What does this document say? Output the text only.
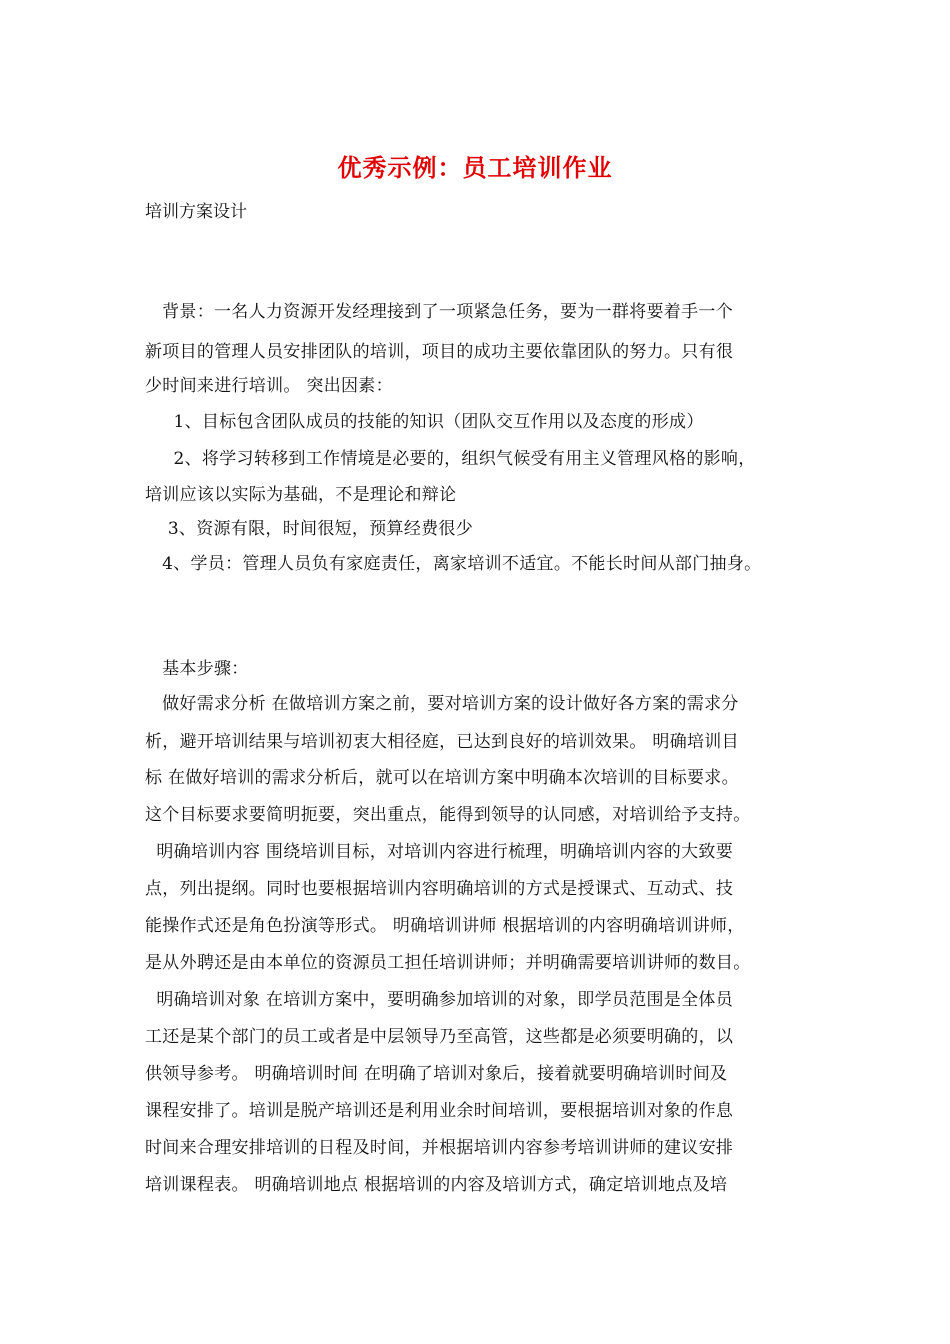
优秀示例：员工培训作业
培训方案设计
背景：一名人力资源开发经理接到了一项紧急任务，要为一群将要着手一个
新项目的管理人员安排团队的培训，项目的成功主要依靠团队的努力。只有很
少时间来进行培训。 突出因素：
1、目标包含团队成员的技能的知识（团队交互作用以及态度的形成）
2、将学习转移到工作情境是必要的，组织气候受有用主义管理风格的影响，
培训应该以实际为基础，不是理论和辩论
3、资源有限，时间很短，预算经费很少
4、学员：管理人员负有家庭责任，离家培训不适宜。不能长时间从部门抽身。
基本步骤：
做好需求分析 在做培训方案之前，要对培训方案的设计做好各方案的需求分
析，避开培训结果与培训初衷大相径庭，已达到良好的培训效果。 明确培训目
标 在做好培训的需求分析后，就可以在培训方案中明确本次培训的目标要求。
这个目标要求要简明扼要，突出重点，能得到领导的认同感，对培训给予支持。
明确培训内容 围绕培训目标，对培训内容进行梳理，明确培训内容的大致要
点，列出提纲。同时也要根据培训内容明确培训的方式是授课式、互动式、技
能操作式还是角色扮演等形式。 明确培训讲师 根据培训的内容明确培训讲师，
是从外聘还是由本单位的资源员工担任培训讲师；并明确需要培训讲师的数目。
明确培训对象 在培训方案中，要明确参加培训的对象，即学员范围是全体员
工还是某个部门的员工或者是中层领导乃至高管，这些都是必须要明确的，以
供领导参考。 明确培训时间 在明确了培训对象后，接着就要明确培训时间及
课程安排了。培训是脱产培训还是利用业余时间培训，要根据培训对象的作息
时间来合理安排培训的日程及时间，并根据培训内容参考培训讲师的建议安排
培训课程表。 明确培训地点 根据培训的内容及培训方式，确定培训地点及培
